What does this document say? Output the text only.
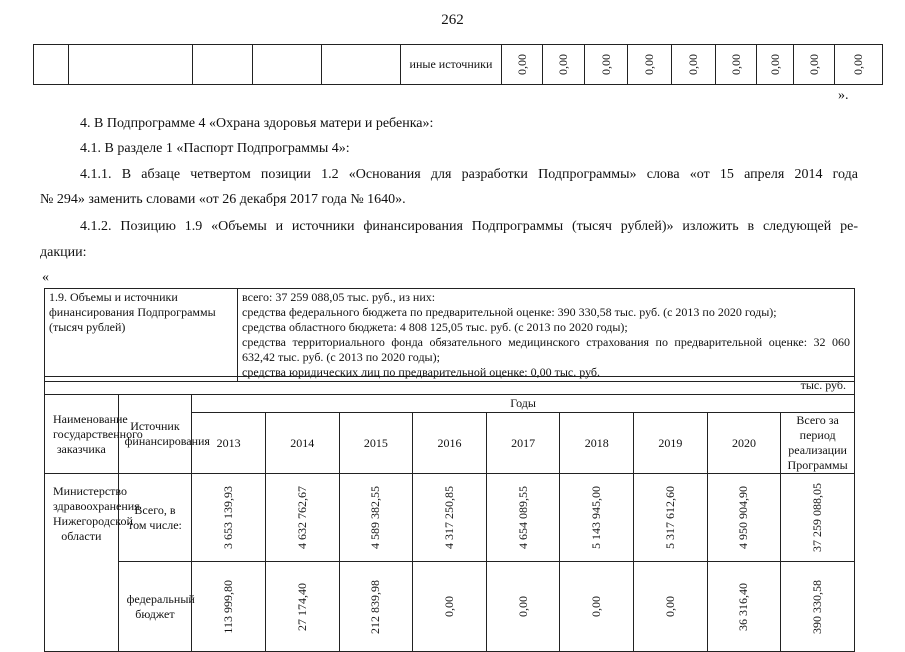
262
					иные источники	0,00	0,00	0,00	0,00	0,00	0,00	0,00	0,00	0,00
».
4. В Подпрограмме 4 «Охрана здоровья матери и ребенка»:
4.1. В разделе 1 «Паспорт Подпрограммы 4»:
4.1.1. В абзаце четвертом позиции 1.2 «Основания для разработки Подпрограммы» слова «от 15 апреля 2014 года
№ 294» заменить словами «от 26 декабря 2017 года № 1640».
4.1.2. Позицию 1.9 «Объемы и источники финансирования Подпрограммы (тысяч рублей)» изложить в следующей ре-
дакции:
«
1.9. Объемы и источники финансирования Подпрограммы (тысяч рублей)

всего: 37 259 088,05 тыс. руб., из них:
средства федерального бюджета по предварительной оценке: 390 330,58 тыс. руб. (с 2013 по 2020 годы);
средства областного бюджета: 4 808 125,05 тыс. руб. (с 2013 по 2020 годы);
средства территориального фонда обязательного медицинского страхования по предварительной оценке: 32 060 632,42 тыс. руб. (с 2013 по 2020 годы);
средства юридических лиц по предварительной оценке: 0,00 тыс. руб.
тыс. руб.										
Наименование государственного заказчика	Источник финансирования	Годы								
		2013	2014	2015	2016	2017	2018	2019	2020	Всего за период реализации Программы

Министерство здравоохранения Нижегородской области	Всего, в том числе:	3 653 139,93	4 632 762,67	4 589 382,55	4 317 250,85	4 654 089,55	5 143 945,00	5 317 612,60	4 950 904,90	37 259 088,05

	федеральный бюджет	113 999,80	27 174,40	212 839,98	0,00	0,00	0,00	0,00	36 316,40	390 330,58
